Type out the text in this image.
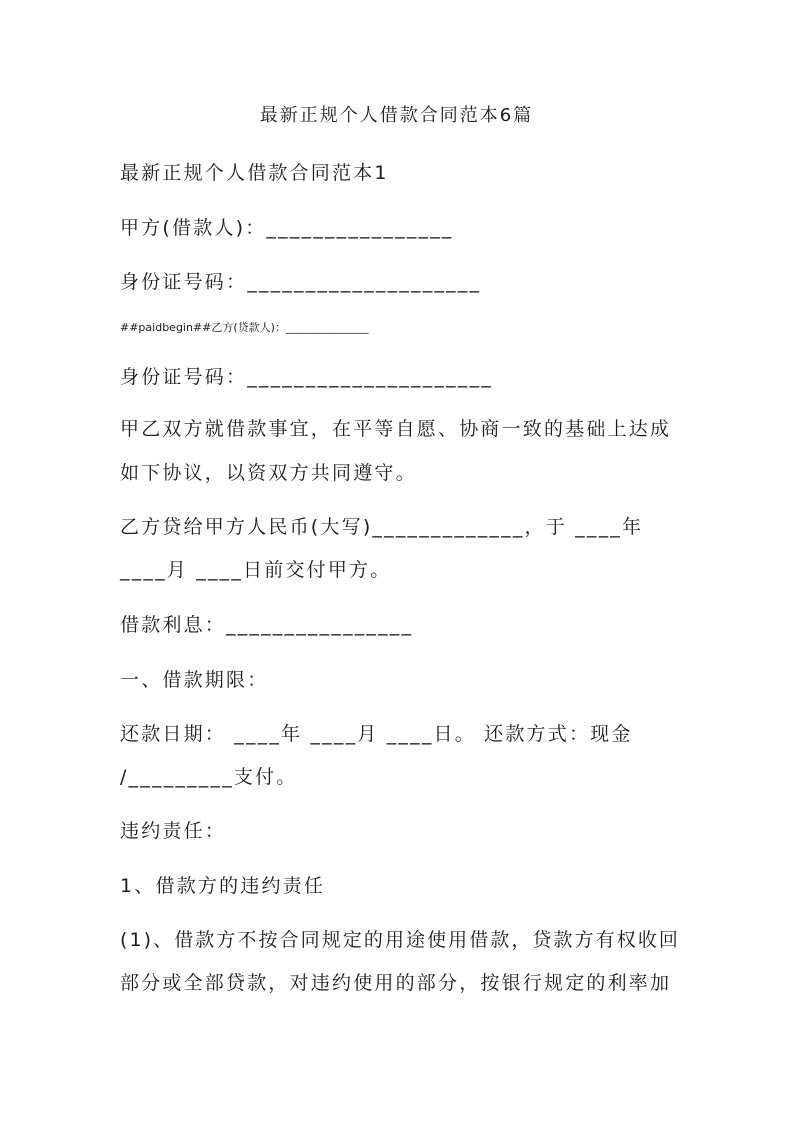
最新正规个人借款合同范本6篇
最新正规个人借款合同范本1
甲方(借款人)：________________
身份证号码：____________________
##paidbegin##乙方(贷款人)：_______________
身份证号码：_____________________
甲乙双方就借款事宜，在平等自愿、协商一致的基础上达成
如下协议，以资双方共同遵守。
乙方贷给甲方人民币(大写)_____________，于 ____年
____月 ____日前交付甲方。
借款利息：________________
一、借款期限：
还款日期： ____年 ____月 ____日。 还款方式：现金
/_________支付。
违约责任：
1、借款方的违约责任
(1)、借款方不按合同规定的用途使用借款，贷款方有权收回
部分或全部贷款，对违约使用的部分，按银行规定的利率加
